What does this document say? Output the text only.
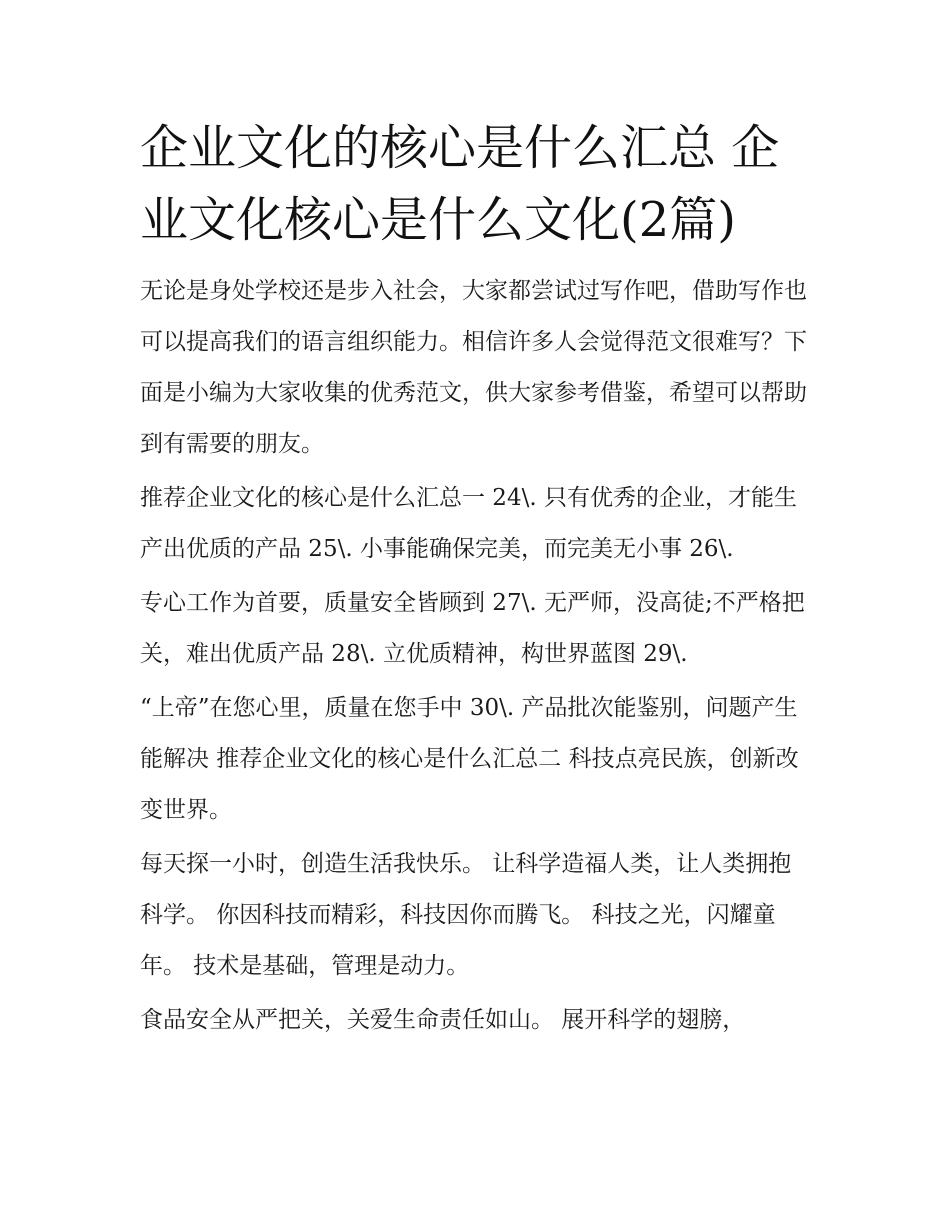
企业文化的核心是什么汇总 企业文化核心是什么文化(2篇)

无论是身处学校还是步入社会，大家都尝试过写作吧，借助写作也可以提高我们的语言组织能力。相信许多人会觉得范文很难写？下面是小编为大家收集的优秀范文，供大家参考借鉴，希望可以帮助到有需要的朋友。

推荐企业文化的核心是什么汇总一 24\. 只有优秀的企业，才能生产出优质的产品 25\. 小事能确保完美，而完美无小事 26\.

专心工作为首要，质量安全皆顾到 27\. 无严师，没高徒;不严格把关，难出优质产品 28\. 立优质精神，构世界蓝图 29\.

“上帝”在您心里，质量在您手中 30\. 产品批次能鉴别，问题产生能解决 推荐企业文化的核心是什么汇总二 科技点亮民族，创新改变世界。

每天探一小时，创造生活我快乐。 让科学造福人类，让人类拥抱科学。 你因科技而精彩，科技因你而腾飞。 科技之光，闪耀童年。 技术是基础，管理是动力。

食品安全从严把关，关爱生命责任如山。 展开科学的翅膀，
